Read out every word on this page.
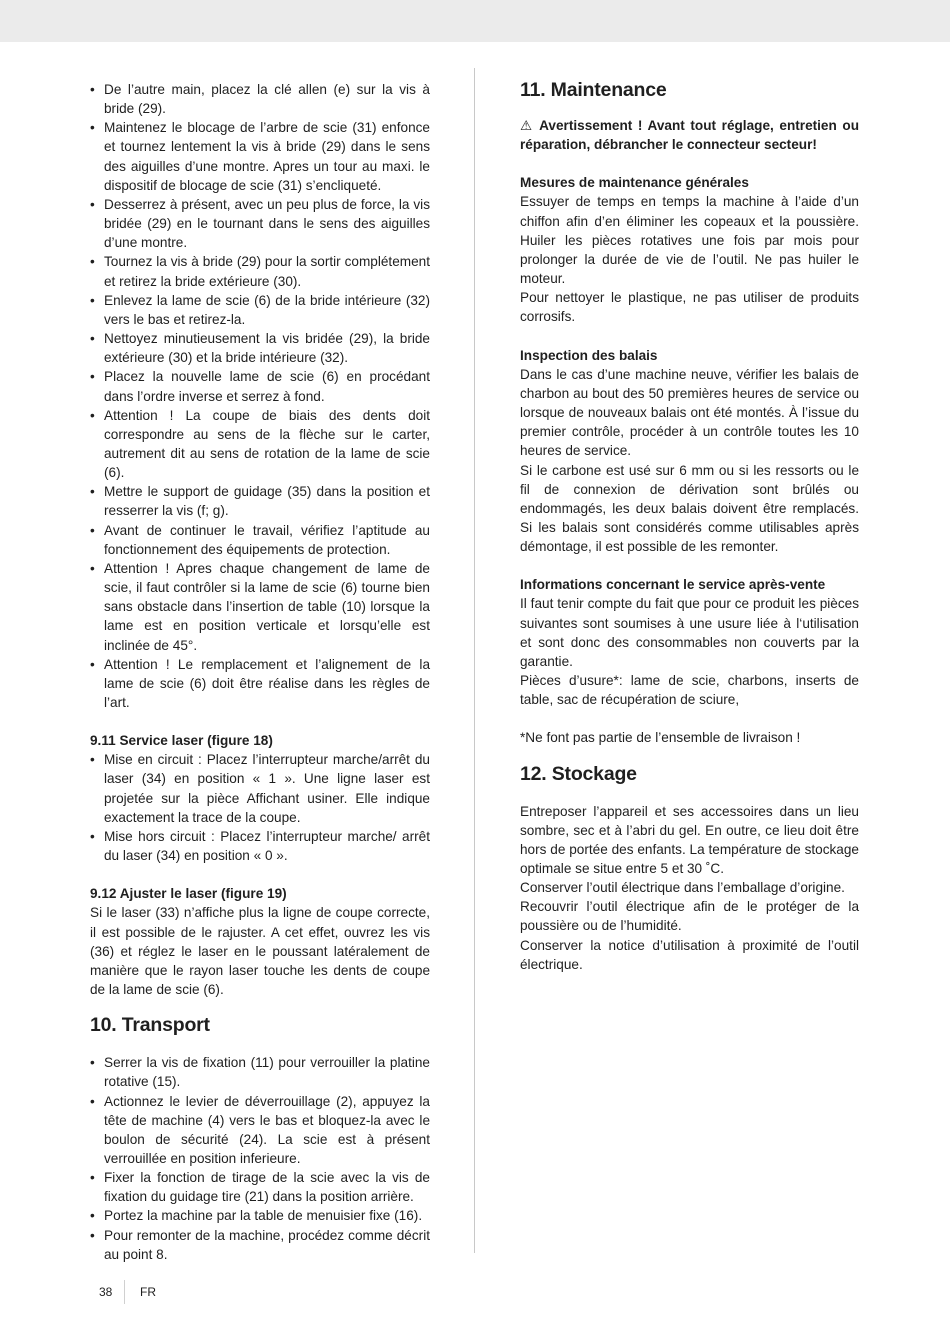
• De l’autre main, placez la clé allen (e) sur la vis à bride (29).
• Maintenez le blocage de l’arbre de scie (31) enfonce et tournez lentement la vis à bride (29) dans le sens des aiguilles d’une montre. Apres un tour au maxi. le dispositif de blocage de scie (31) s’encliqueté.
• Desserrez à présent, avec un peu plus de force, la vis bridée (29) en le tournant dans le sens des aiguilles d’une montre.
• Tournez la vis à bride (29) pour la sortir complétement et retirez la bride extérieure (30).
• Enlevez la lame de scie (6) de la bride intérieure (32) vers le bas et retirez-la.
• Nettoyez minutieusement la vis bridée (29), la bride extérieure (30) et la bride intérieure (32).
• Placez la nouvelle lame de scie (6) en procédant dans l’ordre inverse et serrez à fond.
• Attention ! La coupe de biais des dents doit correspondre au sens de la flèche sur le carter, autrement dit au sens de rotation de la lame de scie (6).
• Mettre le support de guidage (35) dans la position et resserrer la vis (f; g).
• Avant de continuer le travail, vérifiez l’aptitude au fonctionnement des équipements de protection.
• Attention ! Apres chaque changement de lame de scie, il faut contrôler si la lame de scie (6) tourne bien sans obstacle dans l’insertion de table (10) lorsque la lame est en position verticale et lorsqu’elle est inclinée de 45°.
• Attention ! Le remplacement et l’alignement de la lame de scie (6) doit être réalise dans les règles de l’art.

9.11 Service laser (figure 18)

• Mise en circuit : Placez l’interrupteur marche/arrêt du laser (34) en position « 1 ». Une ligne laser est projetée sur la pièce Affichant usiner. Elle indique exactement la trace de la coupe.
• Mise hors circuit : Placez l’interrupteur marche/ arrêt du laser (34) en position « 0 ».

9.12 Ajuster le laser (figure 19)

Si le laser (33) n’affiche plus la ligne de coupe correcte, il est possible de le rajuster. A cet effet, ouvrez les vis (36) et réglez le laser en le poussant latéralement de manière que le rayon laser touche les dents de coupe de la lame de scie (6).

10. Transport
• Serrer la vis de fixation (11) pour verrouiller la platine rotative (15).
• Actionnez le levier de déverrouillage (2), appuyez la tête de machine (4) vers le bas et bloquez-la avec le boulon de sécurité (24). La scie est à présent verrouillée en position inferieure.
• Fixer la fonction de tirage de la scie avec la vis de fixation du guidage tire (21) dans la position arrière.
• Portez la machine par la table de menuisier fixe (16).
• Pour remonter de la machine, procédez comme décrit au point 8.
11. Maintenance

⚠ Avertissement ! Avant tout réglage, entretien ou réparation, débrancher le connecteur secteur!

Mesures de maintenance générales

Essuyer de temps en temps la machine à l’aide d’un chiffon afin d’en éliminer les copeaux et la poussière. Huiler les pièces rotatives une fois par mois pour prolonger la durée de vie de l’outil. Ne pas huiler le moteur.

Pour nettoyer le plastique, ne pas utiliser de produits corrosifs.

Inspection des balais

Dans le cas d’une machine neuve, vérifier les balais de charbon au bout des 50 premières heures de service ou lorsque de nouveaux balais ont été montés. À l’issue du premier contrôle, procéder à un contrôle toutes les 10 heures de service.

Si le carbone est usé sur 6 mm ou si les ressorts ou le fil de connexion de dérivation sont brûlés ou endommagés, les deux balais doivent être remplacés. Si les balais sont considérés comme utilisables après démontage, il est possible de les remonter.

Informations concernant le service après-vente

Il faut tenir compte du fait que pour ce produit les pièces suivantes sont soumises à une usure liée à l‘utilisation et sont donc des consommables non couverts par la garantie.

Pièces d’usure*: lame de scie, charbons, inserts de table, sac de récupération de sciure,

*Ne font pas partie de l’ensemble de livraison !

12. Stockage

Entreposer l’appareil et ses accessoires dans un lieu sombre, sec et à l’abri du gel. En outre, ce lieu doit être hors de portée des enfants. La température de stockage optimale se situe entre 5 et 30 ˚C.

Conserver l’outil électrique dans l’emballage d’origine.

Recouvrir l’outil électrique afin de le protéger de la poussière ou de l’humidité.

Conserver la notice d’utilisation à proximité de l’outil électrique.

38 FR
